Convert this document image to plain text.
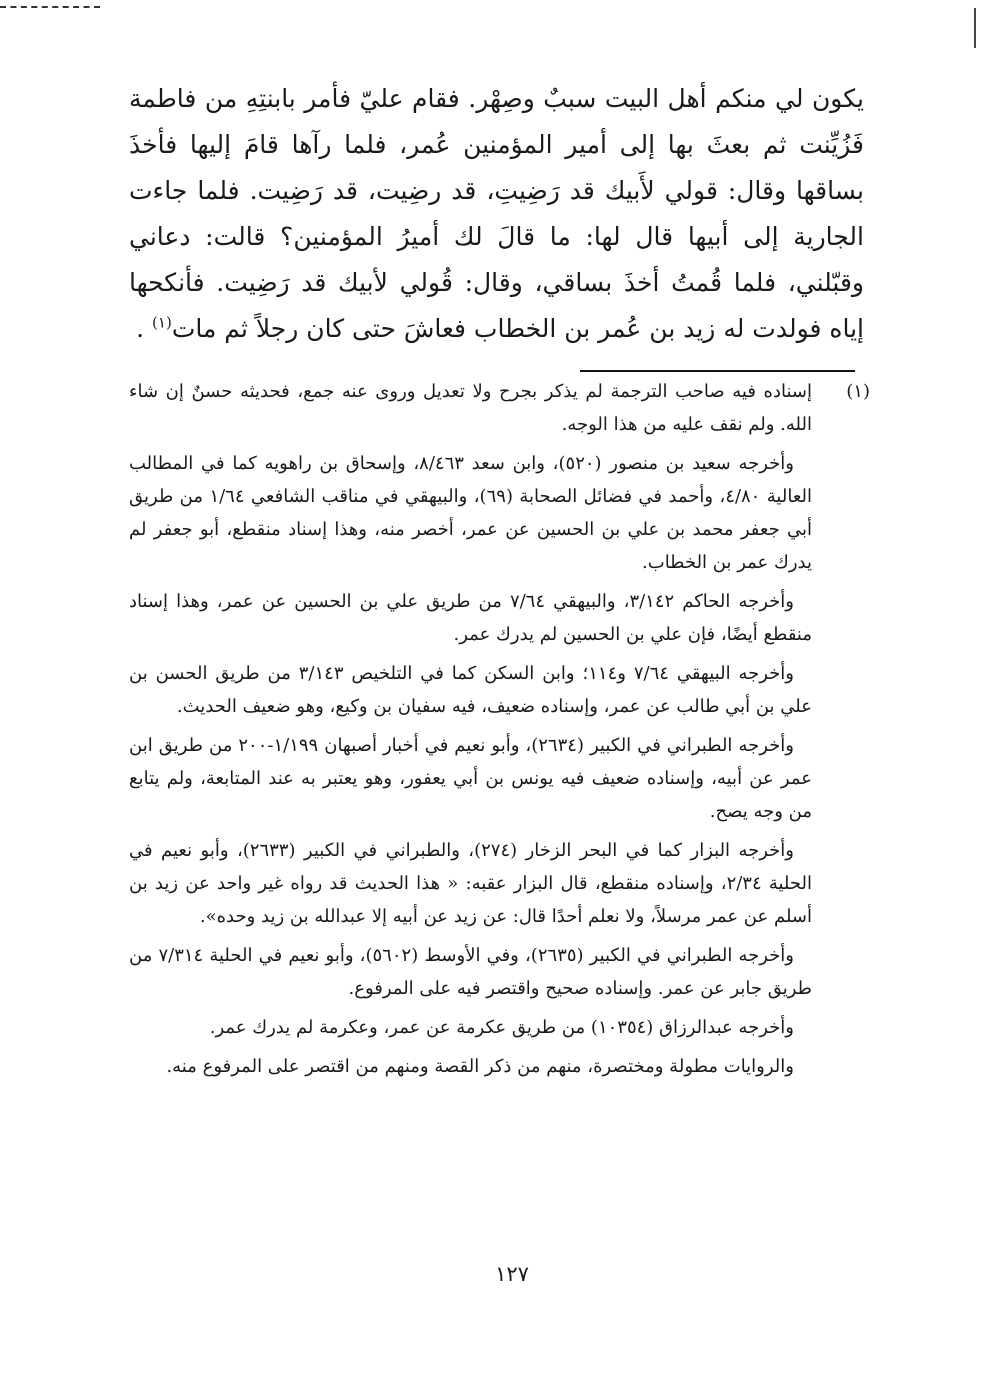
يكون لي منكم أهل البيت سببٌ وصِهْر. فقام عليّ فأمر بابنتِهِ من فاطمة فَزُيِّنت ثم بعثَ بها إلى أمير المؤمنين عُمر، فلما رآها قامَ إليها فأخذَ بساقها وقال: قولي لأَبيك قد رَضِيتِ، قد رضِيت، قد رَضِيت. فلما جاءت الجارية إلى أبيها قال لها: ما قالَ لك أميرُ المؤمنين؟ قالت: دعاني وقبّلني، فلما قُمتُ أخذَ بساقي، وقال: قُولي لأبيك قد رَضِيت. فأنكحها إياه فولدت له زيد بن عُمر بن الخطاب فعاشَ حتى كان رجلاً ثم مات$^{(١)}$ .

(١)
إسناده فيه صاحب الترجمة لم يذكر بجرح ولا تعديل وروى عنه جمع، فحديثه حسنٌ إن شاء الله. ولم نقف عليه من هذا الوجه.

وأخرجه سعيد بن منصور (٥٢٠)، وابن سعد ٨/٤٦٣، وإسحاق بن راهويه كما في المطالب العالية ٤/٨٠، وأحمد في فضائل الصحابة (٦٩)، والبيهقي في مناقب الشافعي ١/٦٤ من طريق أبي جعفر محمد بن علي بن الحسين عن عمر، أخصر منه، وهذا إسناد منقطع، أبو جعفر لم يدرك عمر بن الخطاب.

وأخرجه الحاكم ٣/١٤٢، والبيهقي ٧/٦٤ من طريق علي بن الحسين عن عمر، وهذا إسناد منقطع أيضًا، فإن علي بن الحسين لم يدرك عمر.

وأخرجه البيهقي ٧/٦٤ و١١٤؛ وابن السكن كما في التلخيص ٣/١٤٣ من طريق الحسن بن علي بن أبي طالب عن عمر، وإسناده ضعيف، فيه سفيان بن وكيع، وهو ضعيف الحديث.

وأخرجه الطبراني في الكبير (٢٦٣٤)، وأبو نعيم في أخبار أصبهان ١/١٩٩-٢٠٠ من طريق ابن عمر عن أبيه، وإسناده ضعيف فيه يونس بن أبي يعفور، وهو يعتبر به عند المتابعة، ولم يتابع من وجه يصح.

وأخرجه البزار كما في البحر الزخار (٢٧٤)، والطبراني في الكبير (٢٦٣٣)، وأبو نعيم في الحلية ٢/٣٤، وإسناده منقطع، قال البزار عقبه: « هذا الحديث قد رواه غير واحد عن زيد بن أسلم عن عمر مرسلاً، ولا نعلم أحدًا قال: عن زيد عن أبيه إلا عبدالله بن زيد وحده».

وأخرجه الطبراني في الكبير (٢٦٣٥)، وفي الأوسط (٥٦٠٢)، وأبو نعيم في الحلية ٧/٣١٤ من طريق جابر عن عمر. وإسناده صحيح واقتصر فيه على المرفوع.

وأخرجه عبدالرزاق (١٠٣٥٤) من طريق عكرمة عن عمر، وعكرمة لم يدرك عمر.

والروايات مطولة ومختصرة، منهم من ذكر القصة ومنهم من اقتصر على المرفوع منه.

١٢٧
